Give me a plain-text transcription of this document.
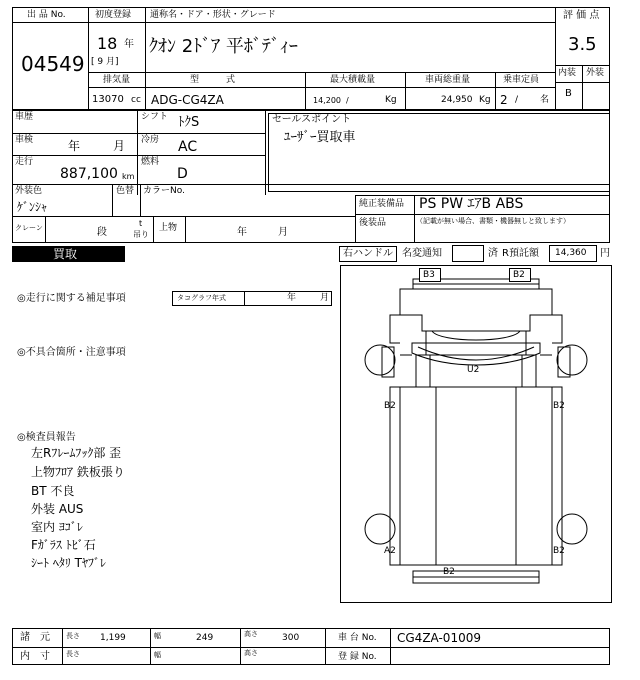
出 品 No.
04549
初度登録
18 年
[ 9 月]
通称名・ドア・形状・グレード
ｸｵﾝ 2ﾄﾞｱ 平ﾎﾞﾃﾞｨｰ
評 価 点
3.5
内装 外装
B
排気量	型　　　式	最大積載量	車両総重量	乗車定員
13070 cc ADG-CG4ZA	14,200 /	Kg	24,950 Kg 2 / 名
車歴	シフト ﾄｸS
車検	年	月 冷房 AC
走行
887,100 km
燃料
D
セールスポイント
ﾕｰｻﾞｰ買取車
外装色
ｹﾞﾝｼｬ
色替 カラーNo.
純正装備品 PS PW ｴｱB ABS
後装品	（記載が無い場合、書類・機器無しと致します）
クレーン	段
t
吊り
上物	年	月
買取	右ハンドル 名変通知	済 R預託額 14,360 円
◎走行に関する補足事項	タコグラフ年式	年	月
◎不具合箇所・注意事項
◎検査員報告
左Rﾌﾚｰﾑﾌｯｸ部 歪
上物ﾌﾛｱ 鉄板張り
BT 不良
外装 AUS
室内 ﾖｺﾞﾚ
Fｶﾞﾗｽ ﾄﾋﾞ石
ｼｰﾄ ﾍﾀﾘ Tﾔﾌﾞﾚ
B3	B2
U2
B2	B2
A2	B2
B2
諸　元 長さ 1,199	幅	249	高さ	300	車 台 No. CG4ZA-01009
内　寸 長さ	幅	高さ	登 録 No.
